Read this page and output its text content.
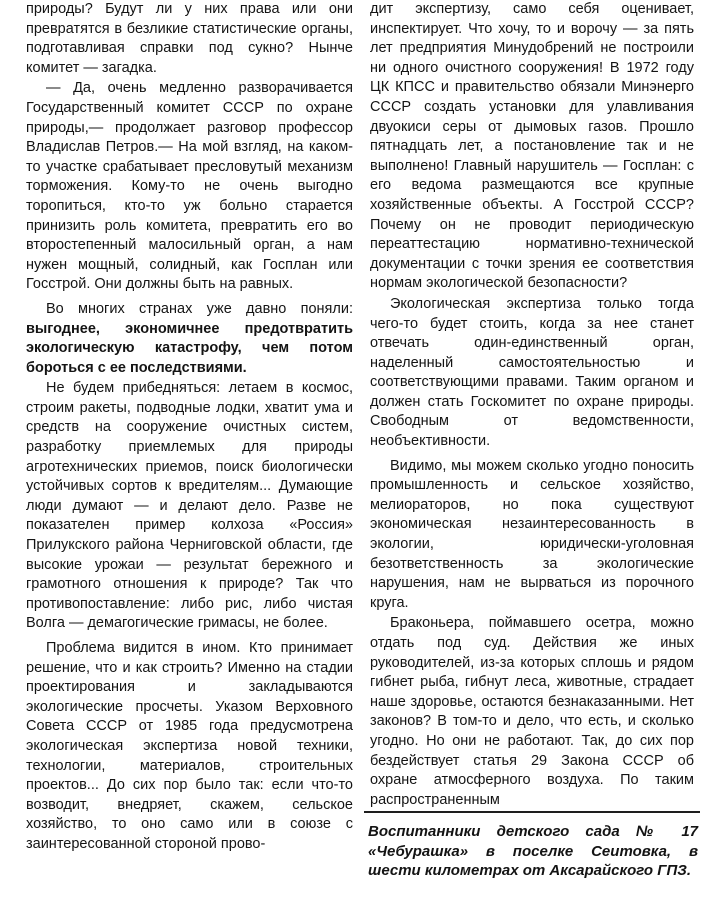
природы? Будут ли у них права или они превратятся в безликие статистические органы, подготавливая справки под сукно? Нынче комитет — загадка.

— Да, очень медленно разворачивается Государственный комитет СССР по охране природы,— продолжает разговор профессор Владислав Петров.— На мой взгляд, на каком-то участке срабатывает пресловутый механизм торможения. Кому-то не очень выгодно торопиться, кто-то уж больно старается принизить роль комитета, превратить его во второстепенный малосильный орган, а нам нужен мощный, солидный, как Госплан или Госстрой. Они должны быть на равных.

Во многих странах уже давно поняли: выгоднее, экономичнее предотвратить экологическую катастрофу, чем потом бороться с ее последствиями.

Не будем прибедняться: летаем в космос, строим ракеты, подводные лодки, хватит ума и средств на сооружение очистных систем, разработку приемлемых для природы агротехнических приемов, поиск биологически устойчивых сортов к вредителям... Думающие люди думают — и делают дело. Разве не показателен пример колхоза «Россия» Прилукского района Черниговской области, где высокие урожаи — результат бережного и грамотного отношения к природе? Так что противопоставление: либо рис, либо чистая Волга — демагогические гримасы, не более.

Проблема видится в ином. Кто принимает решение, что и как строить? Именно на стадии проектирования и закладываются экологические просчеты. Указом Верховного Совета СССР от 1985 года предусмотрена экологическая экспертиза новой техники, технологии, материалов, строительных проектов... До сих пор было так: если что-то возводит, внедряет, скажем, сельское хозяйство, то оно само или в союзе с заинтересованной стороной прово-

дит экспертизу, само себя оценивает, инспектирует. Что хочу, то и ворочу — за пять лет предприятия Минудобрений не построили ни одного очистного сооружения! В 1972 году ЦК КПСС и правительство обязали Минэнерго СССР создать установки для улавливания двуокиси серы от дымовых газов. Прошло пятнадцать лет, а постановление так и не выполнено! Главный нарушитель — Госплан: с его ведома размещаются все крупные хозяйственные объекты. А Госстрой СССР? Почему он не проводит периодическую переаттестацию нормативно-технической документации с точки зрения ее соответствия нормам экологической безопасности?

Экологическая экспертиза только тогда чего-то будет стоить, когда за нее станет отвечать один-единственный орган, наделенный самостоятельностью и соответствующими правами. Таким органом и должен стать Госкомитет по охране природы. Свободным от ведомственности, необъективности.

Видимо, мы можем сколько угодно поносить промышленность и сельское хозяйство, мелиораторов, но пока существуют экономическая незаинтересованность в экологии, юридически-уголовная безответственность за экологические нарушения, нам не вырваться из порочного круга.

Браконьера, поймавшего осетра, можно отдать под суд. Действия же иных руководителей, из-за которых сплошь и рядом гибнет рыба, гибнут леса, животные, страдает наше здоровье, остаются безнаказанными. Нет законов? В том-то и дело, что есть, и сколько угодно. Но они не работают. Так, до сих пор бездействует статья 29 Закона СССР об охране атмосферного воздуха. По таким распространенным

Воспитанники детского сада № 17 «Чебурашка» в поселке Сеитовка, в шести километрах от Аксарайского ГПЗ.
